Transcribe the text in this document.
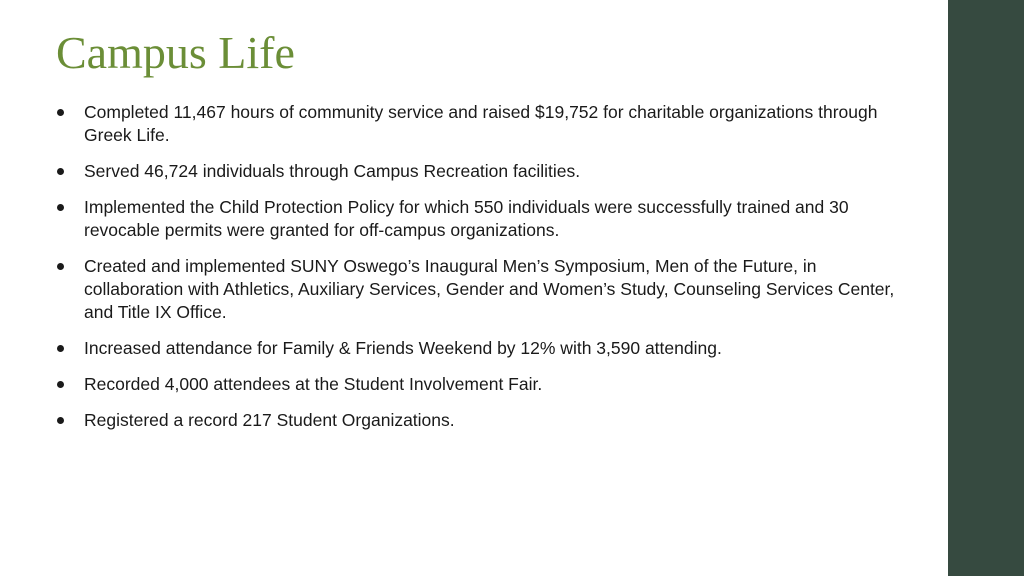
Campus Life
Completed 11,467 hours of community service and raised $19,752 for charitable organizations through Greek Life.
Served 46,724 individuals through Campus Recreation facilities.
Implemented the Child Protection Policy for which 550 individuals were successfully trained and 30 revocable permits were granted for off-campus organizations.
Created and implemented SUNY Oswego’s Inaugural Men’s Symposium, Men of the Future, in collaboration with Athletics, Auxiliary Services, Gender and Women’s Study, Counseling Services Center, and Title IX Office.
Increased attendance for Family & Friends Weekend by 12% with 3,590 attending.
Recorded 4,000 attendees at the Student Involvement Fair.
Registered a record 217 Student Organizations.
